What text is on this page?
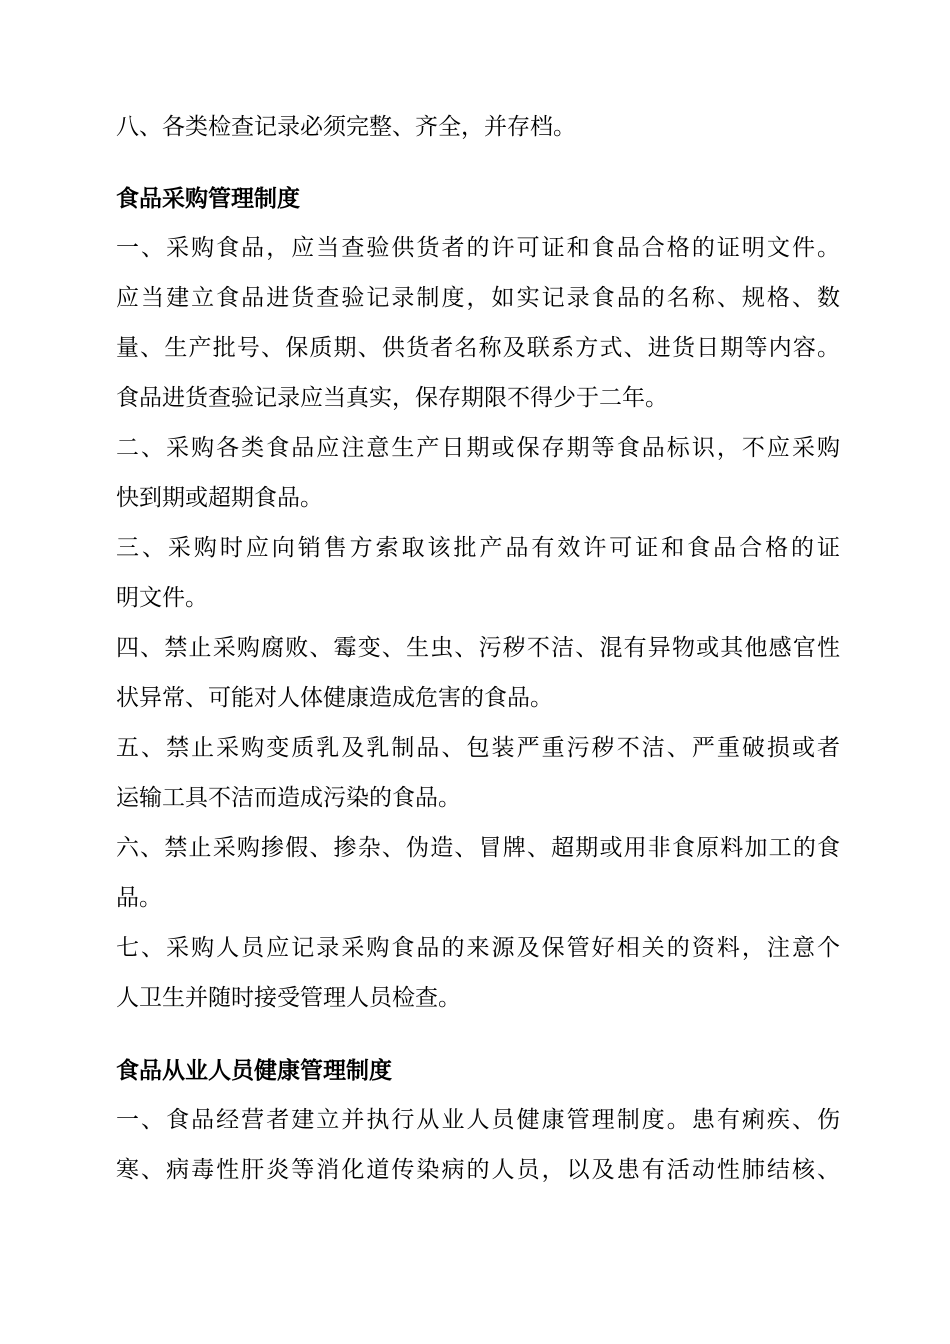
八、各类检查记录必须完整、齐全，并存档。
食品采购管理制度
一、采购食品，应当查验供货者的许可证和食品合格的证明文件。
应当建立食品进货查验记录制度，如实记录食品的名称、规格、数
量、生产批号、保质期、供货者名称及联系方式、进货日期等内容。
食品进货查验记录应当真实，保存期限不得少于二年。
二、采购各类食品应注意生产日期或保存期等食品标识，不应采购
快到期或超期食品。
三、采购时应向销售方索取该批产品有效许可证和食品合格的证
明文件。
四、禁止采购腐败、霉变、生虫、污秽不洁、混有异物或其他感官性
状异常、可能对人体健康造成危害的食品。
五、禁止采购变质乳及乳制品、包装严重污秽不洁、严重破损或者
运输工具不洁而造成污染的食品。
六、禁止采购掺假、掺杂、伪造、冒牌、超期或用非食原料加工的食
品。
七、采购人员应记录采购食品的来源及保管好相关的资料，注意个
人卫生并随时接受管理人员检查。
食品从业人员健康管理制度
一、食品经营者建立并执行从业人员健康管理制度。患有痢疾、伤
寒、病毒性肝炎等消化道传染病的人员，以及患有活动性肺结核、
